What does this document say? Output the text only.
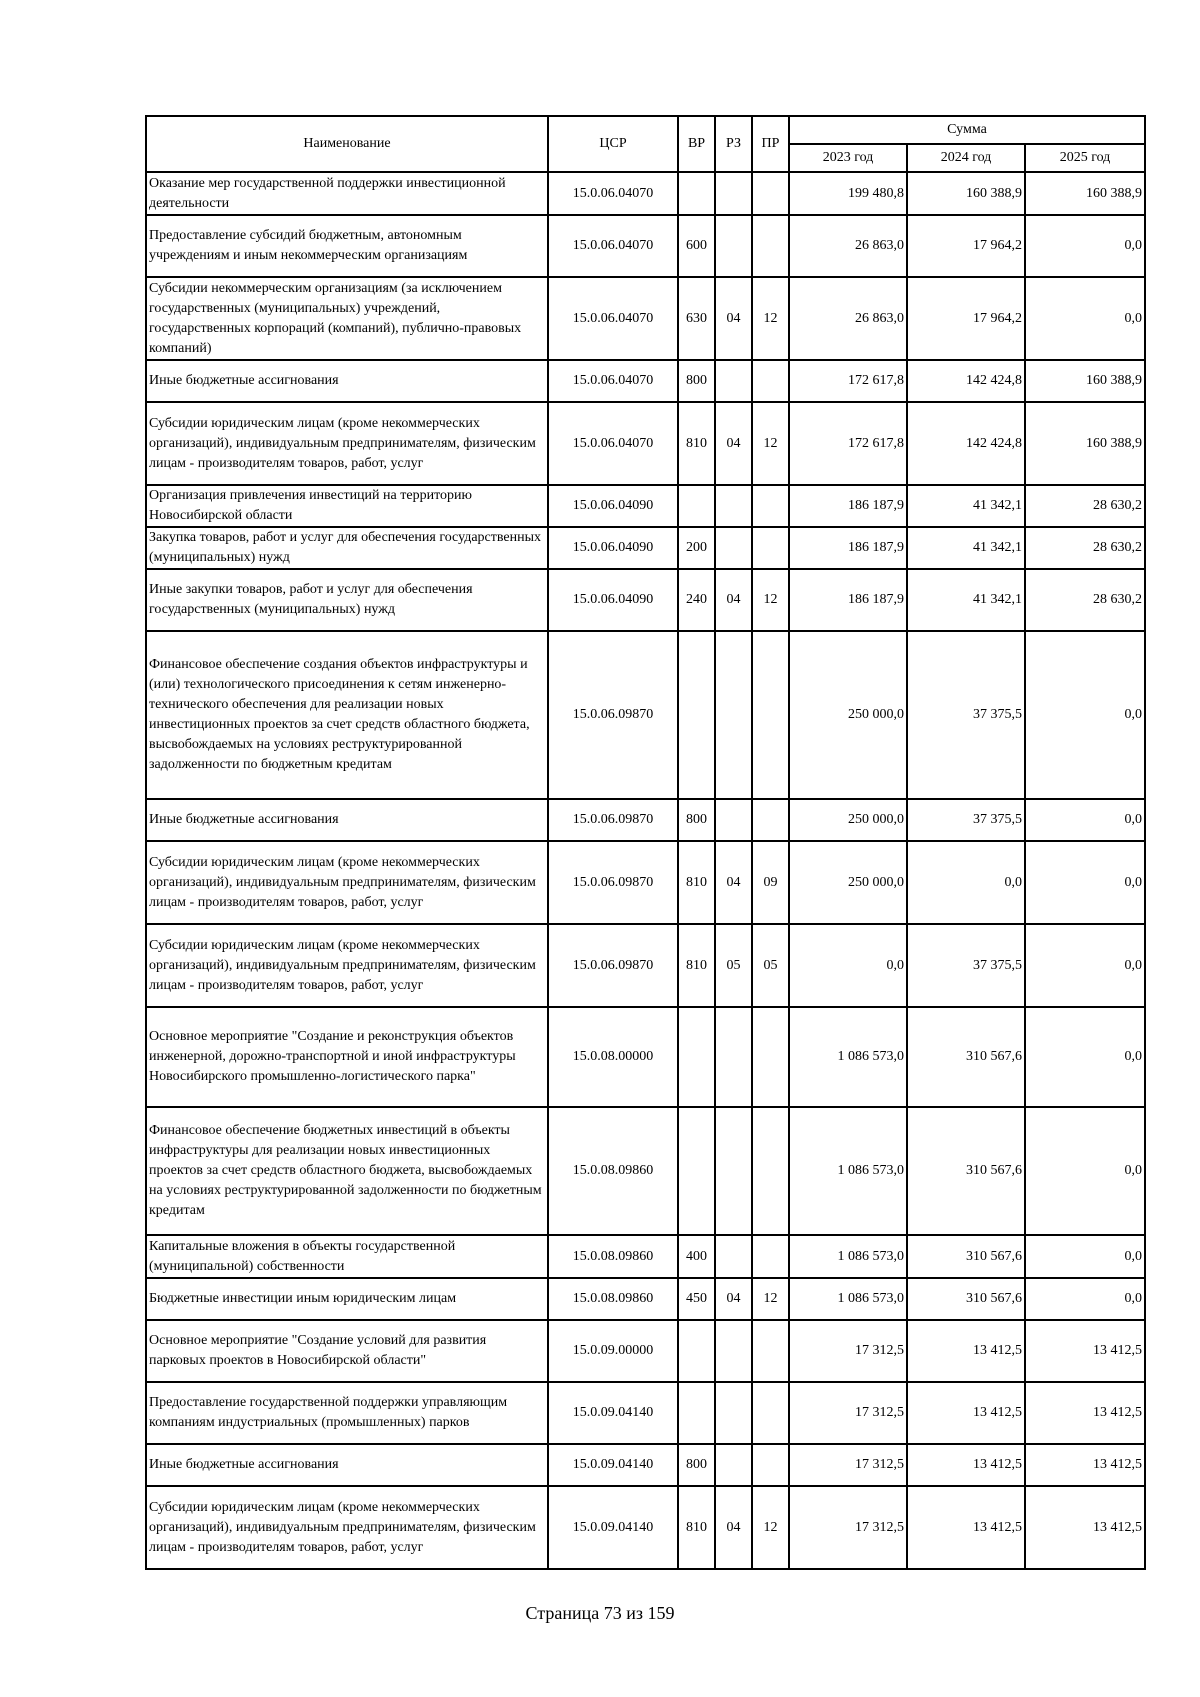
Наименование	ЦСР	ВР	РЗ	ПР	Сумма		
					2023 год	2024 год	2025 год
Оказание мер государственной поддержки инвестиционной деятельности	15.0.06.04070				199 480,8	160 388,9	160 388,9
Предоставление субсидий бюджетным, автономным учреждениям и иным некоммерческим организациям	15.0.06.04070	600			26 863,0	17 964,2	0,0
Субсидии некоммерческим организациям (за исключением государственных (муниципальных) учреждений, государственных корпораций (компаний), публично-правовых компаний)	15.0.06.04070	630	04	12	26 863,0	17 964,2	0,0
Иные бюджетные ассигнования	15.0.06.04070	800			172 617,8	142 424,8	160 388,9
Субсидии юридическим лицам (кроме некоммерческих организаций), индивидуальным предпринимателям, физическим лицам - производителям товаров, работ, услуг	15.0.06.04070	810	04	12	172 617,8	142 424,8	160 388,9
Организация привлечения инвестиций на территорию Новосибирской области	15.0.06.04090				186 187,9	41 342,1	28 630,2
Закупка товаров, работ и услуг для обеспечения государственных (муниципальных) нужд	15.0.06.04090	200			186 187,9	41 342,1	28 630,2
Иные закупки товаров, работ и услуг для обеспечения государственных (муниципальных) нужд	15.0.06.04090	240	04	12	186 187,9	41 342,1	28 630,2
Финансовое обеспечение создания объектов инфраструктуры и (или) технологического присоединения к сетям инженерно-технического обеспечения для реализации новых инвестиционных проектов за счет средств областного бюджета, высвобождаемых на условиях реструктурированной задолженности по бюджетным кредитам	15.0.06.09870				250 000,0	37 375,5	0,0
Иные бюджетные ассигнования	15.0.06.09870	800			250 000,0	37 375,5	0,0
Субсидии юридическим лицам (кроме некоммерческих организаций), индивидуальным предпринимателям, физическим лицам - производителям товаров, работ, услуг	15.0.06.09870	810	04	09	250 000,0	0,0	0,0
Субсидии юридическим лицам (кроме некоммерческих организаций), индивидуальным предпринимателям, физическим лицам - производителям товаров, работ, услуг	15.0.06.09870	810	05	05	0,0	37 375,5	0,0
Основное мероприятие "Создание и реконструкция объектов инженерной, дорожно-транспортной и иной инфраструктуры Новосибирского промышленно-логистического парка"	15.0.08.00000				1 086 573,0	310 567,6	0,0
Финансовое обеспечение бюджетных инвестиций в объекты инфраструктуры для реализации новых инвестиционных проектов за счет средств областного бюджета, высвобождаемых на условиях реструктурированной задолженности по бюджетным кредитам	15.0.08.09860				1 086 573,0	310 567,6	0,0
Капитальные вложения в объекты государственной (муниципальной) собственности	15.0.08.09860	400			1 086 573,0	310 567,6	0,0
Бюджетные инвестиции иным юридическим лицам	15.0.08.09860	450	04	12	1 086 573,0	310 567,6	0,0
Основное мероприятие "Создание условий для развития парковых проектов в Новосибирской области"	15.0.09.00000				17 312,5	13 412,5	13 412,5
Предоставление государственной поддержки управляющим компаниям индустриальных (промышленных) парков	15.0.09.04140				17 312,5	13 412,5	13 412,5
Иные бюджетные ассигнования	15.0.09.04140	800			17 312,5	13 412,5	13 412,5
Субсидии юридическим лицам (кроме некоммерческих организаций), индивидуальным предпринимателям, физическим лицам - производителям товаров, работ, услуг	15.0.09.04140	810	04	12	17 312,5	13 412,5	13 412,5
Страница 73 из 159
